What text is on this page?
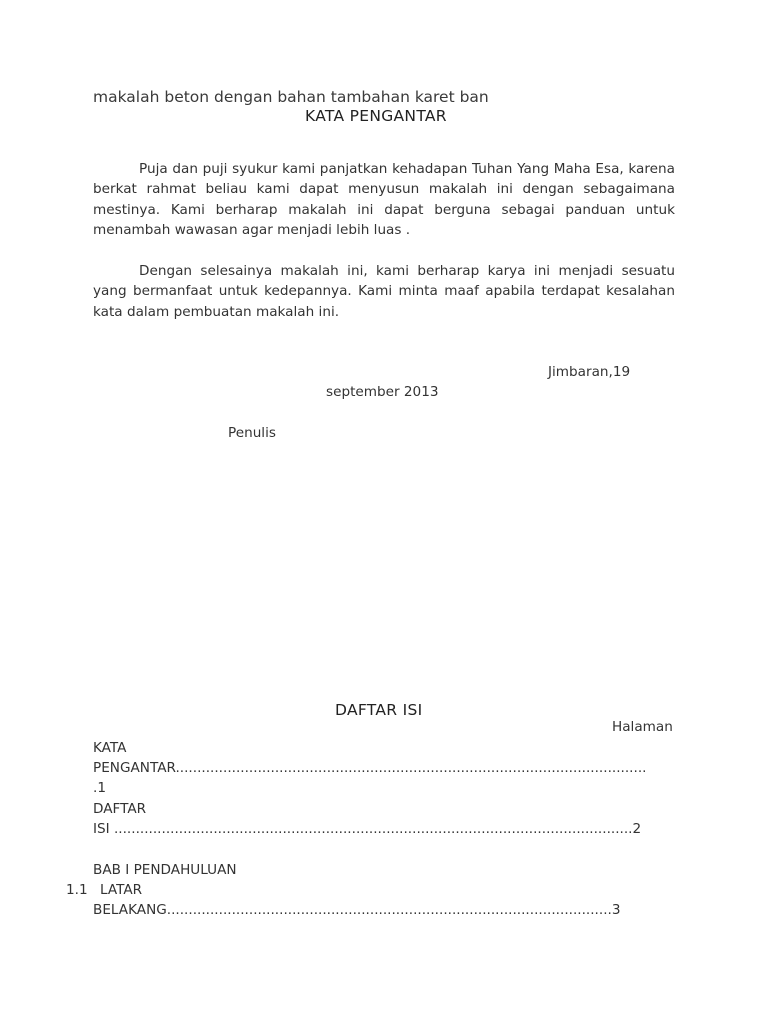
makalah beton dengan bahan tambahan karet ban
KATA PENGANTAR

Puja dan puji syukur kami panjatkan kehadapan Tuhan Yang Maha Esa, karena berkat rahmat beliau kami dapat menyusun makalah ini dengan sebagaimana mestinya. Kami berharap makalah ini dapat berguna sebagai panduan untuk menambah wawasan agar menjadi lebih luas .

Dengan selesainya makalah ini, kami berharap karya ini menjadi sesuatu yang bermanfaat untuk kedepannya. Kami minta maaf apabila terdapat kesalahan kata dalam pembuatan makalah ini.

Jimbaran,19
september 2013
Penulis
DAFTAR ISI
Halaman
KATA
PENGANTAR.............................................................................................................
.1
DAFTAR
ISI ........................................................................................................................2
BAB I PENDAHULUAN
1.1 LATAR
BELAKANG.......................................................................................................3
